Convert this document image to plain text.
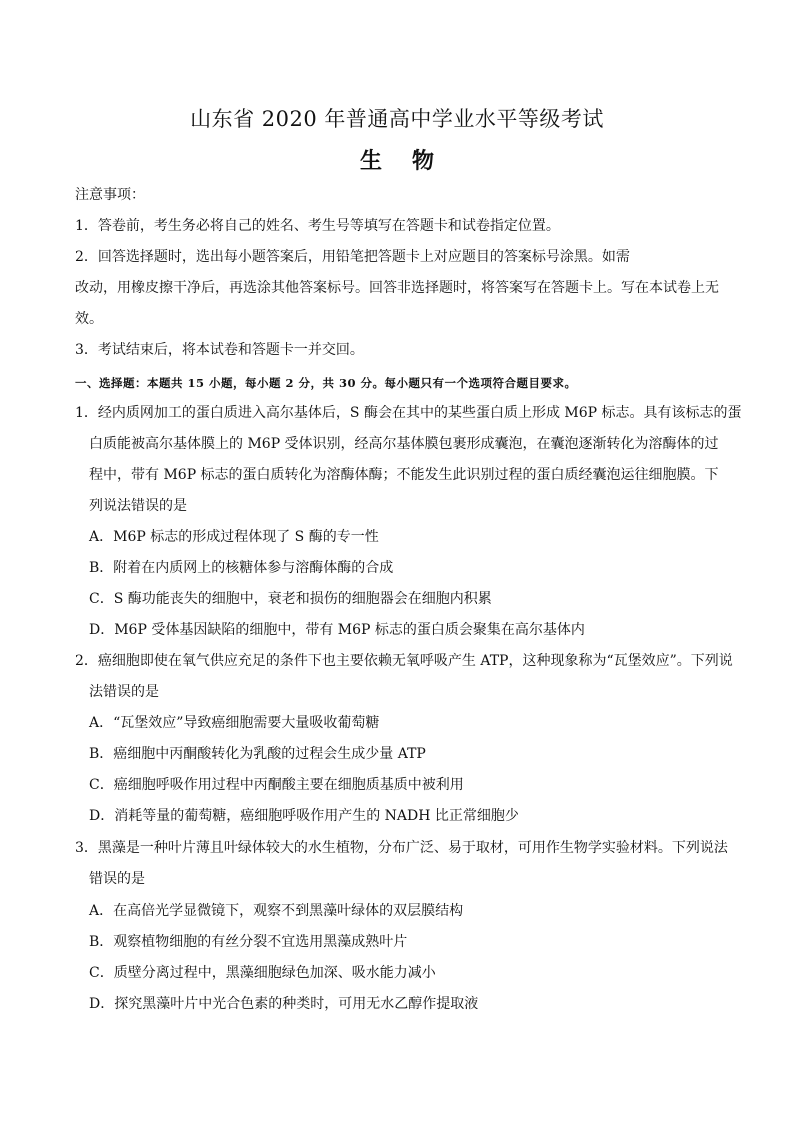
山东省 2020 年普通高中学业水平等级考试
生物
注意事项：
1．答卷前，考生务必将自己的姓名、考生号等填写在答题卡和试卷指定位置。
2．回答选择题时，选出每小题答案后，用铅笔把答题卡上对应题目的答案标号涂黑。如需
改动，用橡皮擦干净后，再选涂其他答案标号。回答非选择题时，将答案写在答题卡上。写在本试卷上无
效。
3．考试结束后，将本试卷和答题卡一并交回。
一、选择题：本题共 15 小题，每小题 2 分，共 30 分。每小题只有一个选项符合题目要求。
1．经内质网加工的蛋白质进入高尔基体后，S 酶会在其中的某些蛋白质上形成 M6P 标志。具有该标志的蛋
白质能被高尔基体膜上的 M6P 受体识别，经高尔基体膜包裹形成囊泡，在囊泡逐渐转化为溶酶体的过
程中，带有 M6P 标志的蛋白质转化为溶酶体酶；不能发生此识别过程的蛋白质经囊泡运往细胞膜。下
列说法错误的是
A．M6P 标志的形成过程体现了 S 酶的专一性
B．附着在内质网上的核糖体参与溶酶体酶的合成
C．S 酶功能丧失的细胞中，衰老和损伤的细胞器会在细胞内积累
D．M6P 受体基因缺陷的细胞中，带有 M6P 标志的蛋白质会聚集在高尔基体内
2．癌细胞即使在氧气供应充足的条件下也主要依赖无氧呼吸产生 ATP，这种现象称为“瓦堡效应”。下列说
法错误的是
A．“瓦堡效应”导致癌细胞需要大量吸收葡萄糖
B．癌细胞中丙酮酸转化为乳酸的过程会生成少量 ATP
C．癌细胞呼吸作用过程中丙酮酸主要在细胞质基质中被利用
D．消耗等量的葡萄糖，癌细胞呼吸作用产生的 NADH 比正常细胞少
3．黑藻是一种叶片薄且叶绿体较大的水生植物，分布广泛、易于取材，可用作生物学实验材料。下列说法
错误的是
A．在高倍光学显微镜下，观察不到黑藻叶绿体的双层膜结构
B．观察植物细胞的有丝分裂不宜选用黑藻成熟叶片
C．质壁分离过程中，黑藻细胞绿色加深、吸水能力减小
D．探究黑藻叶片中光合色素的种类时，可用无水乙醇作提取液
